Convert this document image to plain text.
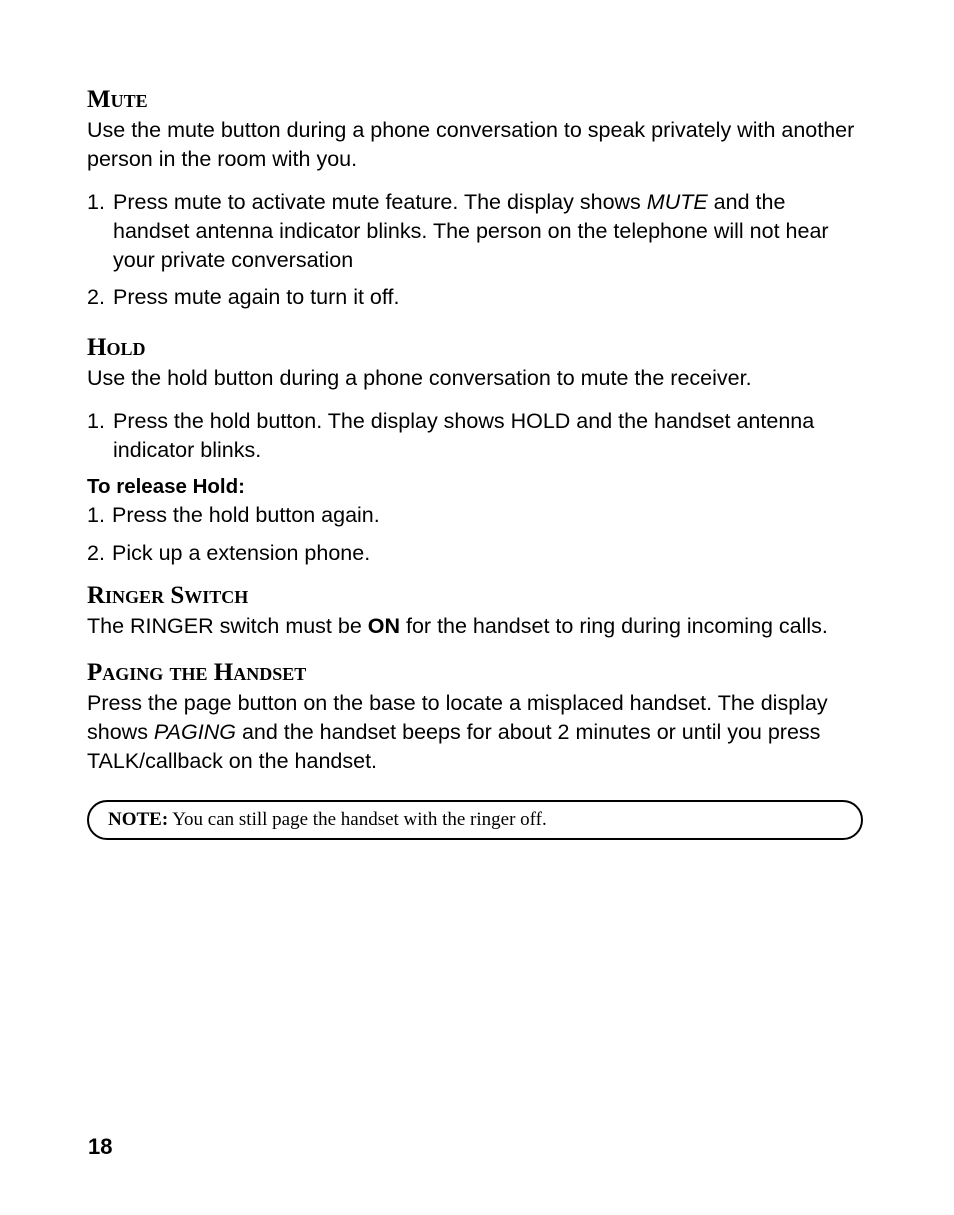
Mute

Use the mute button during a phone conversation to speak privately with another person in the room with you.

1. Press mute to activate mute feature. The display shows MUTE and the handset antenna indicator blinks. The person on the telephone will not hear your private conversation
2. Press mute again to turn it off.
Hold

Use the hold button during a phone conversation to mute the receiver.

1. Press the hold button. The display shows HOLD and the handset antenna indicator blinks.
To release Hold:
1. Press the hold button again.
2. Pick up a extension phone.
Ringer Switch

The RINGER switch must be ON for the handset to ring during incoming calls.

Paging the Handset

Press the page button on the base to locate a misplaced handset. The display shows PAGING and the handset beeps for about 2 minutes or until you press TALK/callback on the handset.

NOTE: You can still page the handset with the ringer off.
18
